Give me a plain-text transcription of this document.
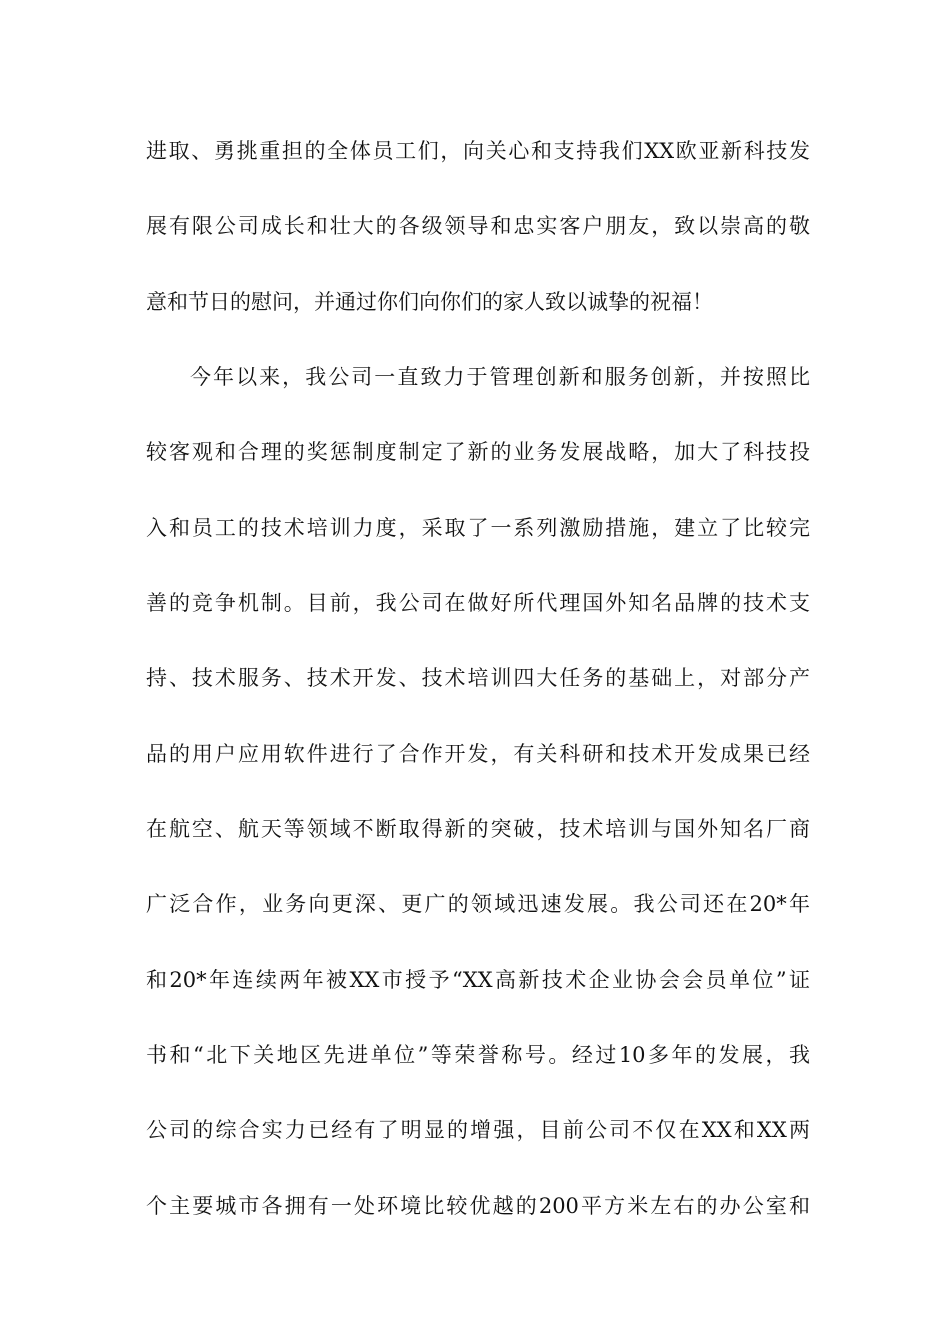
进取、勇挑重担的全体员工们，向关心和支持我们XX欧亚新科技发
展有限公司成长和壮大的各级领导和忠实客户朋友，致以崇高的敬
意和节日的慰问，并通过你们向你们的家人致以诚挚的祝福！
今年以来，我公司一直致力于管理创新和服务创新，并按照比
较客观和合理的奖惩制度制定了新的业务发展战略，加大了科技投
入和员工的技术培训力度，采取了一系列激励措施，建立了比较完
善的竞争机制。目前，我公司在做好所代理国外知名品牌的技术支
持、技术服务、技术开发、技术培训四大任务的基础上，对部分产
品的用户应用软件进行了合作开发，有关科研和技术开发成果已经
在航空、航天等领域不断取得新的突破，技术培训与国外知名厂商
广泛合作，业务向更深、更广的领域迅速发展。我公司还在20*年
和20*年连续两年被XX市授予“XX高新技术企业协会会员单位”证
书和“北下关地区先进单位”等荣誉称号。经过10多年的发展，我
公司的综合实力已经有了明显的增强，目前公司不仅在XX和XX两
个主要城市各拥有一处环境比较优越的200平方米左右的办公室和
